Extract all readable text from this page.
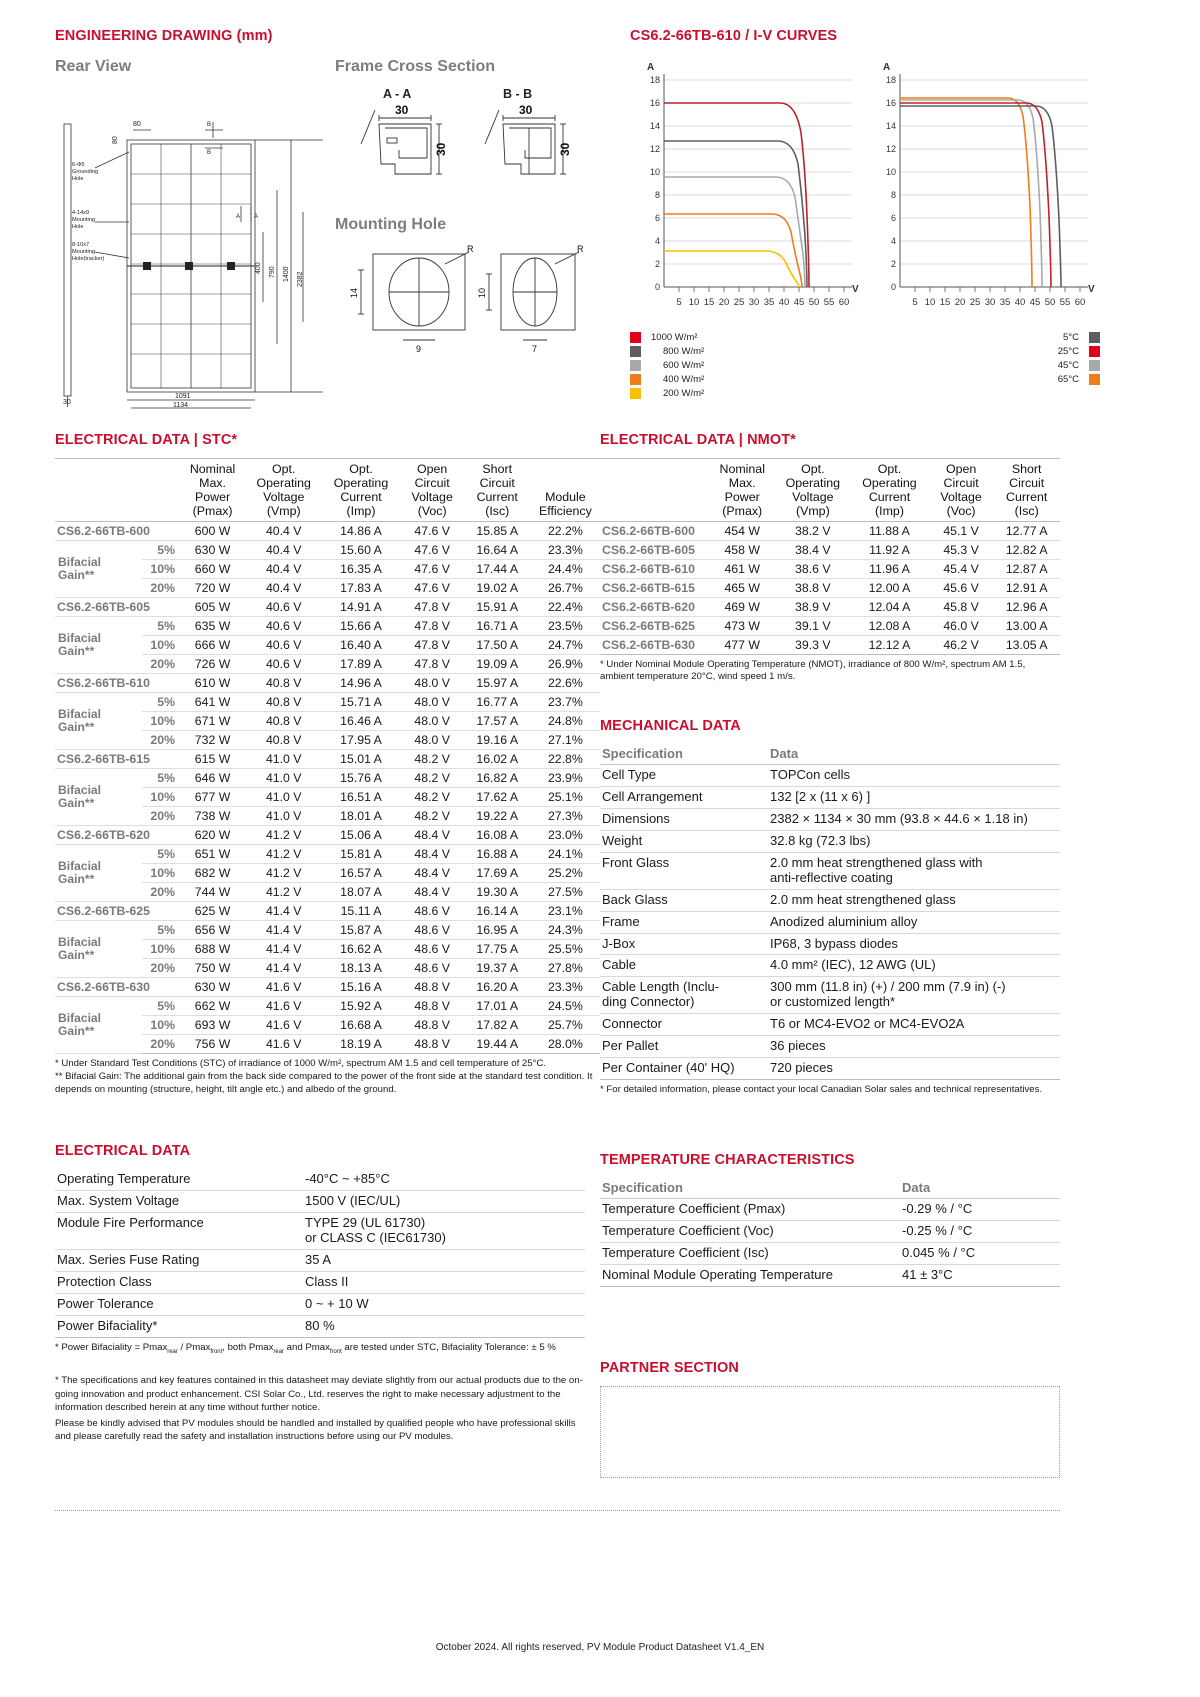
ENGINEERING DRAWING (mm)
Rear View
80
80
B
B
A A
400 790 1400 2382
1091
1134
30
6-Φ5
Grounding
Hole
4-14x9
Mounting
Hole
8-10x7
Mounting
Hole(tracker)
Frame Cross Section
A - A	B - B
30
30
30
30
Mounting Hole
14
9
10
7
R	R
CS6.2-66TB-610 / I-V CURVES
A
V
18
16
14
12
10
8
6
4
2
0
5 10 15 20 25 30 35 40 45 50 55 60
A
V
18
16
14
12
10
8
6
4
2
0
5 10 15 20 25 30 35 40 45 50 55 60
1000 W/m²
800 W/m²
600 W/m²
400 W/m²
200 W/m²
5°C
25°C
45°C
65°C
ELECTRICAL DATA | STC*
		Nominal
Max.
Power
(Pmax)	Opt.
Operating
Voltage
(Vmp)	Opt.
Operating
Current
(Imp)	Open
Circuit
Voltage
(Voc)	Short
Circuit
Current
(Isc)	Module
Efficiency
CS6.2-66TB-600		600 W	40.4 V	14.86 A	47.6 V	15.85 A	22.2%
Bifacial
Gain**	5%	630 W	40.4 V	15.60 A	47.6 V	16.64 A	23.3%
	10%	660 W	40.4 V	16.35 A	47.6 V	17.44 A	24.4%
	20%	720 W	40.4 V	17.83 A	47.6 V	19.02 A	26.7%
CS6.2-66TB-605		605 W	40.6 V	14.91 A	47.8 V	15.91 A	22.4%
Bifacial
Gain**	5%	635 W	40.6 V	15.66 A	47.8 V	16.71 A	23.5%
	10%	666 W	40.6 V	16.40 A	47.8 V	17.50 A	24.7%
	20%	726 W	40.6 V	17.89 A	47.8 V	19.09 A	26.9%
CS6.2-66TB-610		610 W	40.8 V	14.96 A	48.0 V	15.97 A	22.6%
Bifacial
Gain**	5%	641 W	40.8 V	15.71 A	48.0 V	16.77 A	23.7%
	10%	671 W	40.8 V	16.46 A	48.0 V	17.57 A	24.8%
	20%	732 W	40.8 V	17.95 A	48.0 V	19.16 A	27.1%
CS6.2-66TB-615		615 W	41.0 V	15.01 A	48.2 V	16.02 A	22.8%
Bifacial
Gain**	5%	646 W	41.0 V	15.76 A	48.2 V	16.82 A	23.9%
	10%	677 W	41.0 V	16.51 A	48.2 V	17.62 A	25.1%
	20%	738 W	41.0 V	18.01 A	48.2 V	19.22 A	27.3%
CS6.2-66TB-620		620 W	41.2 V	15.06 A	48.4 V	16.08 A	23.0%
Bifacial
Gain**	5%	651 W	41.2 V	15.81 A	48.4 V	16.88 A	24.1%
	10%	682 W	41.2 V	16.57 A	48.4 V	17.69 A	25.2%
	20%	744 W	41.2 V	18.07 A	48.4 V	19.30 A	27.5%
CS6.2-66TB-625		625 W	41.4 V	15.11 A	48.6 V	16.14 A	23.1%
Bifacial
Gain**	5%	656 W	41.4 V	15.87 A	48.6 V	16.95 A	24.3%
	10%	688 W	41.4 V	16.62 A	48.6 V	17.75 A	25.5%
	20%	750 W	41.4 V	18.13 A	48.6 V	19.37 A	27.8%
CS6.2-66TB-630		630 W	41.6 V	15.16 A	48.8 V	16.20 A	23.3%
Bifacial
Gain**	5%	662 W	41.6 V	15.92 A	48.8 V	17.01 A	24.5%
	10%	693 W	41.6 V	16.68 A	48.8 V	17.82 A	25.7%
	20%	756 W	41.6 V	18.19 A	48.8 V	19.44 A	28.0%
* Under Standard Test Conditions (STC) of irradiance of 1000 W/m², spectrum AM 1.5 and cell temperature of 25°C.
** Bifacial Gain: The additional gain from the back side compared to the power of the front side at the standard test condition. It depends on mounting (structure, height, tilt angle etc.) and albedo of the ground.
ELECTRICAL DATA | NMOT*
	Nominal
Max.
Power
(Pmax)	Opt.
Operating
Voltage
(Vmp)	Opt.
Operating
Current
(Imp)	Open
Circuit
Voltage
(Voc)	Short
Circuit
Current
(Isc)
CS6.2-66TB-600	454 W	38.2 V	11.88 A	45.1 V	12.77 A
CS6.2-66TB-605	458 W	38.4 V	11.92 A	45.3 V	12.82 A
CS6.2-66TB-610	461 W	38.6 V	11.96 A	45.4 V	12.87 A
CS6.2-66TB-615	465 W	38.8 V	12.00 A	45.6 V	12.91 A
CS6.2-66TB-620	469 W	38.9 V	12.04 A	45.8 V	12.96 A
CS6.2-66TB-625	473 W	39.1 V	12.08 A	46.0 V	13.00 A
CS6.2-66TB-630	477 W	39.3 V	12.12 A	46.2 V	13.05 A
* Under Nominal Module Operating Temperature (NMOT), irradiance of 800 W/m², spectrum AM 1.5, ambient temperature 20°C, wind speed 1 m/s.
MECHANICAL DATA
Specification	Data
Cell Type	TOPCon cells
Cell Arrangement	132 [2 x (11 x 6) ]
Dimensions	2382 × 1134 × 30 mm (93.8 × 44.6 × 1.18 in)
Weight	32.8 kg (72.3 lbs)
Front Glass	2.0 mm heat strengthened glass with
anti-reflective coating
Back Glass	2.0 mm heat strengthened glass
Frame	Anodized aluminium alloy
J-Box	IP68, 3 bypass diodes
Cable	4.0 mm² (IEC), 12 AWG (UL)
Cable Length (Inclu-
ding Connector)	300 mm (11.8 in) (+) / 200 mm (7.9 in) (-)
or customized length*
Connector	T6 or MC4-EVO2 or MC4-EVO2A
Per Pallet	36 pieces
Per Container (40' HQ)	720 pieces
* For detailed information, please contact your local Canadian Solar sales and technical representatives.
ELECTRICAL DATA
Operating Temperature	-40°C ~ +85°C
Max. System Voltage	1500 V (IEC/UL)
Module Fire Performance	TYPE 29 (UL 61730)
or CLASS C (IEC61730)
Max. Series Fuse Rating	35 A
Protection Class	Class II
Power Tolerance	0 ~ + 10 W
Power Bifaciality*	80 %
* Power Bifaciality = Pmax$_{rear}$ / Pmax$_{front}$, both Pmax$_{rear}$ and Pmax$_{front}$ are tested under STC, Bifaciality Tolerance: ± 5 %
TEMPERATURE CHARACTERISTICS
Specification	Data
Temperature Coefficient (Pmax)	-0.29 % / °C
Temperature Coefficient (Voc)	-0.25 % / °C
Temperature Coefficient (Isc)	0.045 % / °C
Nominal Module Operating Temperature	41 ± 3°C
* The specifications and key features contained in this datasheet may deviate slightly from our actual products due to the on-going innovation and product enhancement. CSI Solar Co., Ltd. reserves the right to make necessary adjustment to the information described herein at any time without further notice.
Please be kindly advised that PV modules should be handled and installed by qualified people who have professional skills and please carefully read the safety and installation instructions before using our PV modules.
PARTNER SECTION
October 2024. All rights reserved, PV Module Product Datasheet V1.4_EN
